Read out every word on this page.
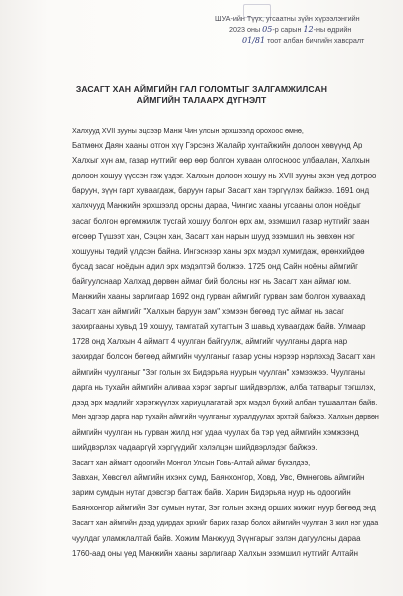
ШУА-ийн Түүх, угсаатны зүйн хүрээлэнгийн
2023 оны 05-р сарын 12-ны өдрийн
01/81 тоот албан бичгийн хавсралт
ЗАСАГТ ХАН АЙМГИЙН ГАЛ ГОЛОМТЫГ ЗАЛГАМЖИЛСАН
АЙМГИЙН ТАЛААРХ ДҮГНЭЛТ

Халхууд XVII зууны эцсээр Манж Чин улсын эрхшээлд орохоос өмнө,
Батмөнх Даян хааны отгон хүү Гэрсэнз Жалайр хунтайжийн долоон хөвүүнд Ар
Халхыг хүн ам, газар нутгийг өөр өөр болгон хуваан олгосноос улбаалан, Халхын
долоон хошуу үүссэн гэж үздэг. Халхын долоон хошуу нь XVII зууны эхэн үед дотроо
баруун, зүүн гарт хуваагдаж, баруун гарыг Засагт хан тэргүүлэх байжээ. 1691 онд
халхчууд Манжийн эрхшээлд орсны дараа, Чингис хааны угсааны олон ноёдыг
засаг болгон өргөмжилж тусгай хошуу болгон өрх ам, эзэмшил газар нутгийг заан
өгсөөр Түшээт хан, Сэцэн хан, Засагт хан нарын шууд эзэмшил нь зөвхөн нэг
хошууны төдий үлдсэн байна. Ингэснээр ханы эрх мэдэл хумигдаж, өрөнхийдөө
бусад засаг ноёдын адил эрх мэдэлтэй болжээ. 1725 онд Сайн ноёны аймгийг
байгуулснаар Халхад дөрвөн аймаг бий болсны нэг нь Засагт хан аймаг юм.
Манжийн хааны зарлигаар 1692 онд гурван аймгийг гурван зам болгон хуваахад
Засагт хан аймгийг "Халхын баруун зам" хэмээн бөгөөд тус аймаг нь засаг
захиргааны хувьд 19 хошуу, тамгатай хутагтын 3 шавьд хуваагдаж байв. Улмаар
1728 онд Халхын 4 аймагт 4 чуулган байгуулж, аймгийг чуулганы дарга нар
захирдаг болсон бөгөөд аймгийн чуулганыг газар усны нэрээр нэрлэхэд Засагт хан
аймгийн чуулганыг "Зэг голын эх Бидэрьяа нуурын чуулган" хэмээжээ. Чуулганы
дарга нь тухайн аймгийн аливаа хэрэг заргыг шийдвэрлэж, алба татварыг тэгшлэх,
дээд эрх мэдлийг хэрэгжүүлэх хариуцлагатай эрх мэдэл бүхий албан тушаалтан байв.
Мөн эдгээр дарга нар тухайн аймгийн чуулганыг хуралдуулах эрхтэй байжээ. Халхын дөрвөн
аймгийн чуулган нь гурван жилд нэг удаа чуулах ба тэр үед аймгийн хэмжээнд
шийдвэрлэх чадааргүй хэргүүдийг хэлэлцэн шийдвэрлэдэг байжээ.

Засагт хан аймагт одоогийн Монгол Улсын Говь-Алтай аймаг бүхэлдээ,
Завхан, Хөвсгөл аймгийн ихэнх сумд, Баянхонгор, Ховд, Увс, Өмнөговь аймгийн
зарим сумдын нутаг дэвсгэр багтаж байв. Харин Бидэрьяа нуур нь одоогийн
Баянхонгор аймгийн Зэг сумын нутаг, Зэг голын эхэнд орших жижиг нуур бөгөөд энд
Засагт хан аймгийн дээд удирдах эрхийг барих газар болох аймгийн чуулган 3 жил нэг удаа
чуулдаг уламжлалтай байв. Хожим Манжууд Зүүнгарыг эзлэн дагуулсны дараа
1760-аад оны үед Манжийн хааны зарлигаар Халхын эзэмшил нутгийг Алтайн
